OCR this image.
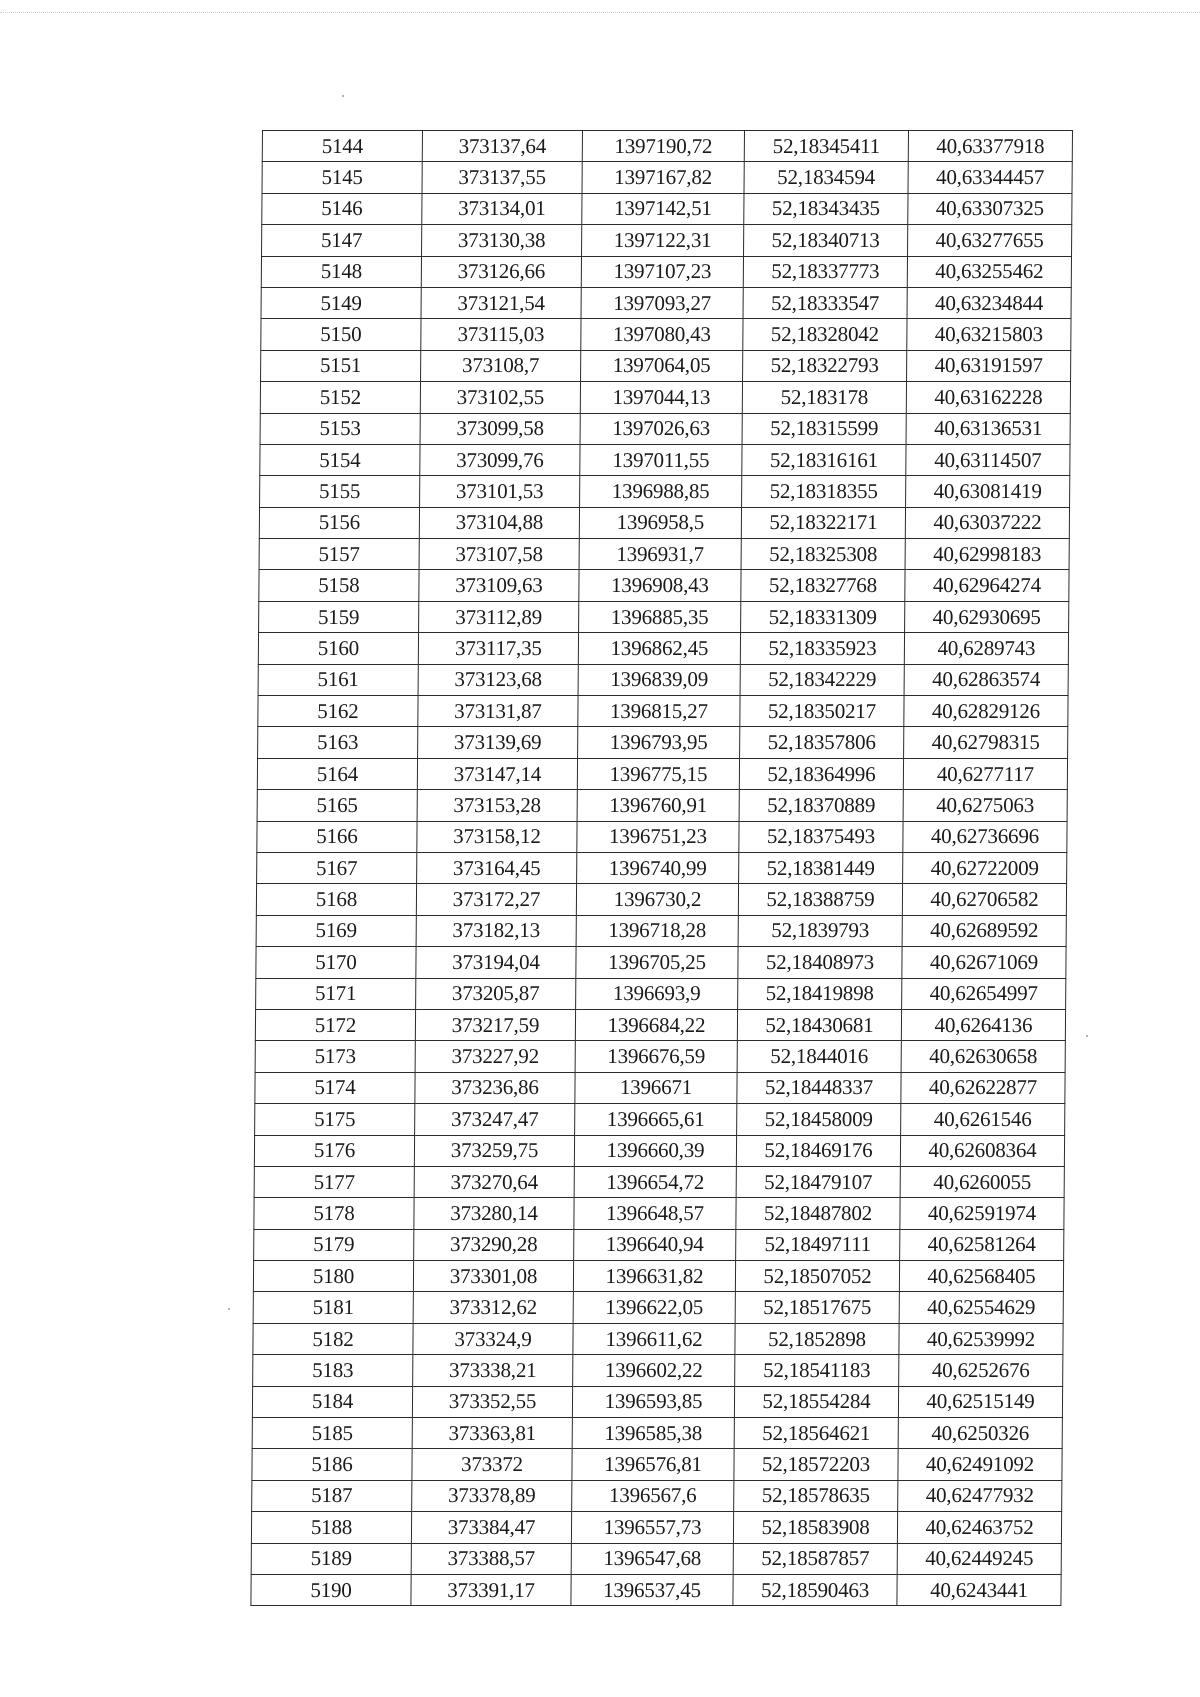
5144	373137,64	1397190,72	52,18345411	40,63377918
5145	373137,55	1397167,82	52,1834594	40,63344457
5146	373134,01	1397142,51	52,18343435	40,63307325
5147	373130,38	1397122,31	52,18340713	40,63277655
5148	373126,66	1397107,23	52,18337773	40,63255462
5149	373121,54	1397093,27	52,18333547	40,63234844
5150	373115,03	1397080,43	52,18328042	40,63215803
5151	373108,7	1397064,05	52,18322793	40,63191597
5152	373102,55	1397044,13	52,183178	40,63162228
5153	373099,58	1397026,63	52,18315599	40,63136531
5154	373099,76	1397011,55	52,18316161	40,63114507
5155	373101,53	1396988,85	52,18318355	40,63081419
5156	373104,88	1396958,5	52,18322171	40,63037222
5157	373107,58	1396931,7	52,18325308	40,62998183
5158	373109,63	1396908,43	52,18327768	40,62964274
5159	373112,89	1396885,35	52,18331309	40,62930695
5160	373117,35	1396862,45	52,18335923	40,6289743
5161	373123,68	1396839,09	52,18342229	40,62863574
5162	373131,87	1396815,27	52,18350217	40,62829126
5163	373139,69	1396793,95	52,18357806	40,62798315
5164	373147,14	1396775,15	52,18364996	40,6277117
5165	373153,28	1396760,91	52,18370889	40,6275063
5166	373158,12	1396751,23	52,18375493	40,62736696
5167	373164,45	1396740,99	52,18381449	40,62722009
5168	373172,27	1396730,2	52,18388759	40,62706582
5169	373182,13	1396718,28	52,1839793	40,62689592
5170	373194,04	1396705,25	52,18408973	40,62671069
5171	373205,87	1396693,9	52,18419898	40,62654997
5172	373217,59	1396684,22	52,18430681	40,6264136
5173	373227,92	1396676,59	52,1844016	40,62630658
5174	373236,86	1396671	52,18448337	40,62622877
5175	373247,47	1396665,61	52,18458009	40,6261546
5176	373259,75	1396660,39	52,18469176	40,62608364
5177	373270,64	1396654,72	52,18479107	40,6260055
5178	373280,14	1396648,57	52,18487802	40,62591974
5179	373290,28	1396640,94	52,18497111	40,62581264
5180	373301,08	1396631,82	52,18507052	40,62568405
5181	373312,62	1396622,05	52,18517675	40,62554629
5182	373324,9	1396611,62	52,1852898	40,62539992
5183	373338,21	1396602,22	52,18541183	40,6252676
5184	373352,55	1396593,85	52,18554284	40,62515149
5185	373363,81	1396585,38	52,18564621	40,6250326
5186	373372	1396576,81	52,18572203	40,62491092
5187	373378,89	1396567,6	52,18578635	40,62477932
5188	373384,47	1396557,73	52,18583908	40,62463752
5189	373388,57	1396547,68	52,18587857	40,62449245
5190	373391,17	1396537,45	52,18590463	40,6243441
